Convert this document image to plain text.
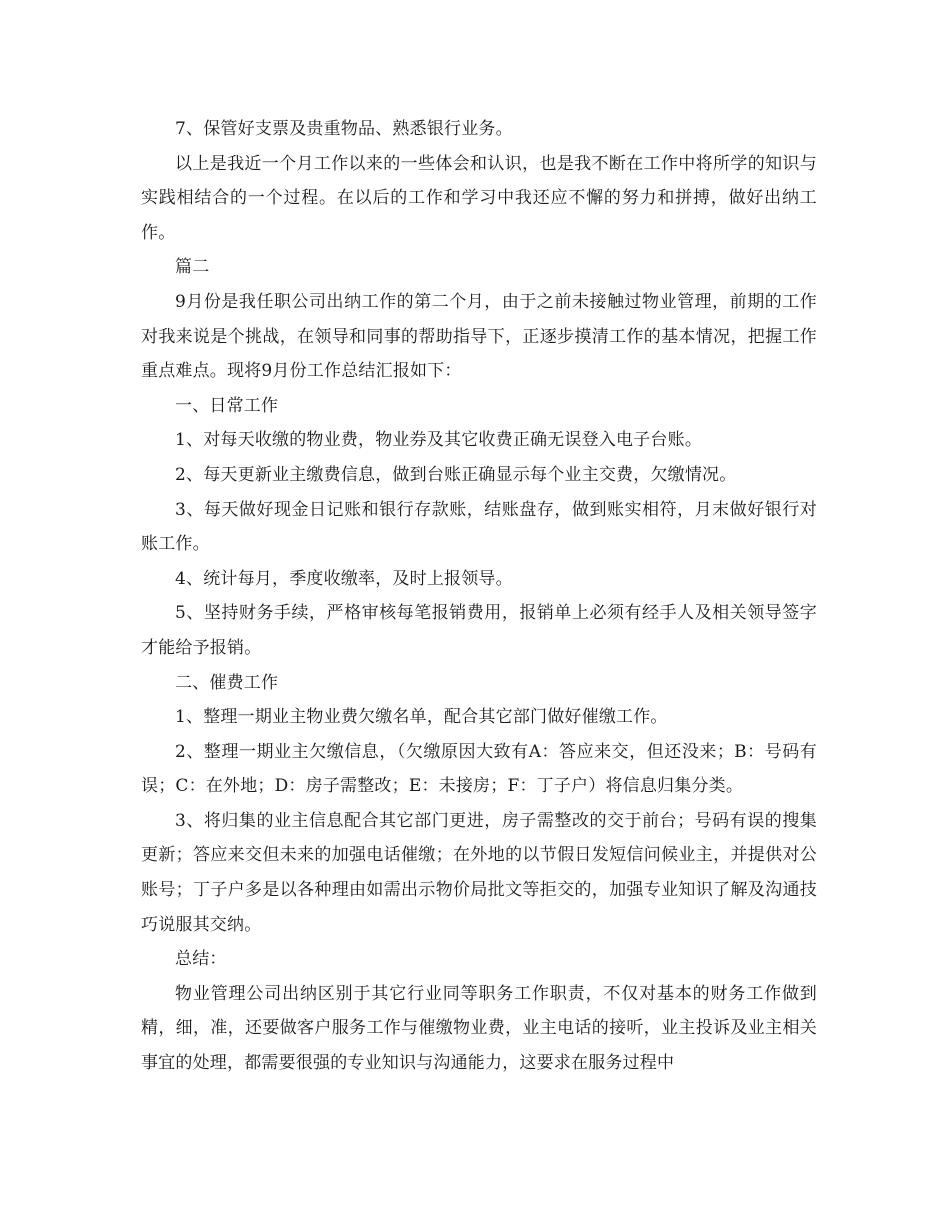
7、保管好支票及贵重物品、熟悉银行业务。

以上是我近一个月工作以来的一些体会和认识，也是我不断在工作中将所学的知识与实践相结合的一个过程。在以后的工作和学习中我还应不懈的努力和拼搏，做好出纳工作。

篇二

9月份是我任职公司出纳工作的第二个月，由于之前未接触过物业管理，前期的工作对我来说是个挑战，在领导和同事的帮助指导下，正逐步摸清工作的基本情况，把握工作重点难点。现将9月份工作总结汇报如下：

一、日常工作

1、对每天收缴的物业费，物业券及其它收费正确无误登入电子台账。

2、每天更新业主缴费信息，做到台账正确显示每个业主交费，欠缴情况。

3、每天做好现金日记账和银行存款账，结账盘存，做到账实相符，月末做好银行对账工作。

4、统计每月，季度收缴率，及时上报领导。

5、坚持财务手续，严格审核每笔报销费用，报销单上必须有经手人及相关领导签字才能给予报销。

二、催费工作

1、整理一期业主物业费欠缴名单，配合其它部门做好催缴工作。

2、整理一期业主欠缴信息，（欠缴原因大致有A：答应来交，但还没来；B：号码有误；C：在外地；D：房子需整改；E：未接房；F：丁子户）将信息归集分类。

3、将归集的业主信息配合其它部门更进，房子需整改的交于前台；号码有误的搜集更新；答应来交但未来的加强电话催缴；在外地的以节假日发短信问候业主，并提供对公账号；丁子户多是以各种理由如需出示物价局批文等拒交的，加强专业知识了解及沟通技巧说服其交纳。

总结：

物业管理公司出纳区别于其它行业同等职务工作职责，不仅对基本的财务工作做到精，细，准，还要做客户服务工作与催缴物业费，业主电话的接听，业主投诉及业主相关事宜的处理，都需要很强的专业知识与沟通能力，这要求在服务过程中
